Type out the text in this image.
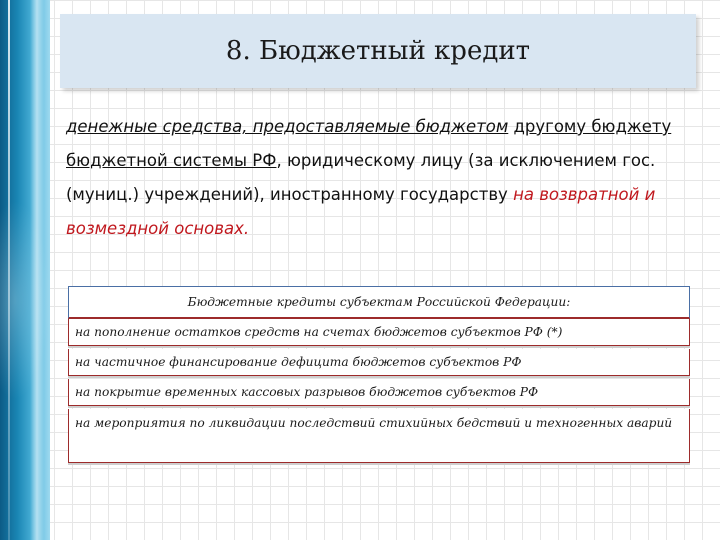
8. Бюджетный кредит
денежные средства, предоставляемые бюджетом другому бюджету бюджетной системы РФ, юридическому лицу (за исключением гос. (муниц.) учреждений), иностранному государству на возвратной и возмездной основах.
Бюджетные кредиты субъектам Российской Федерации:
на пополнение остатков средств на счетах бюджетов субъектов РФ (*)
на частичное финансирование дефицита бюджетов субъектов РФ
на покрытие временных кассовых разрывов бюджетов субъектов РФ
на мероприятия по ликвидации последствий стихийных бедствий и техногенных аварий
